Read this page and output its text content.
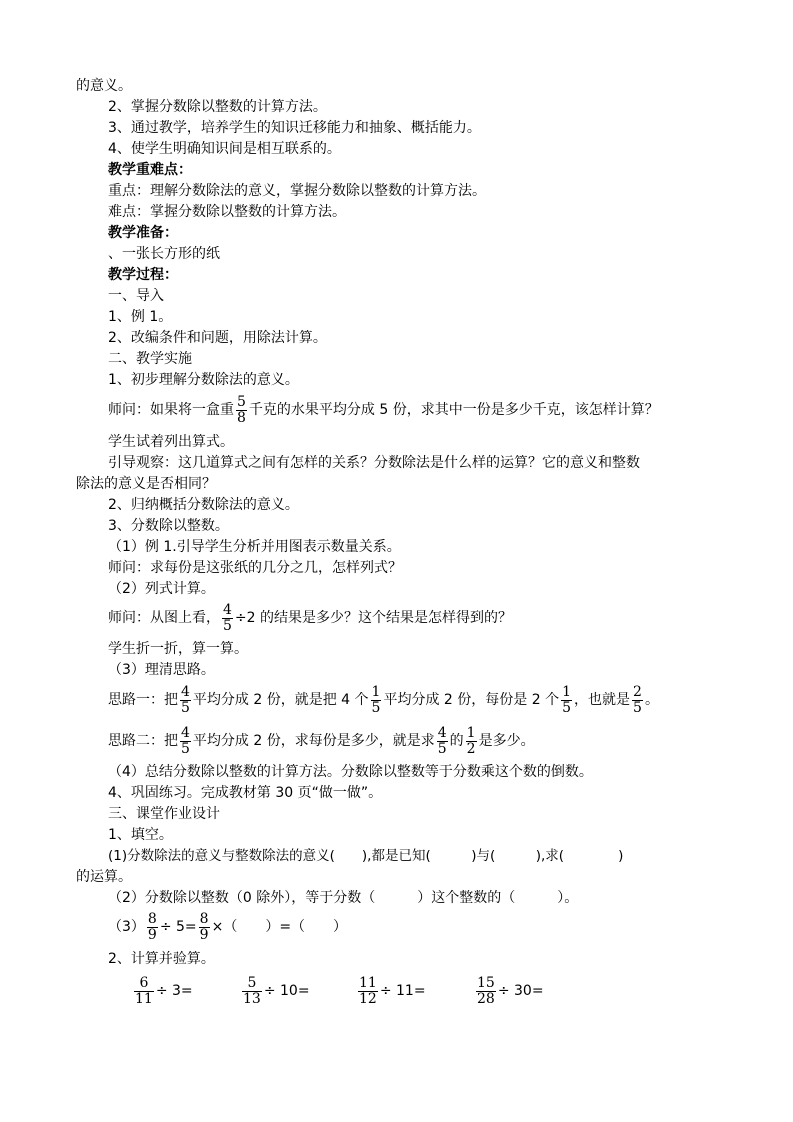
的意义。
2、掌握分数除以整数的计算方法。
3、通过教学，培养学生的知识迁移能力和抽象、概括能力。
4、使学生明确知识间是相互联系的。
教学重难点：
重点：理解分数除法的意义，掌握分数除以整数的计算方法。
难点：掌握分数除以整数的计算方法。
教学准备：
、一张长方形的纸
教学过程：
一、导入
1、例 1。
2、改编条件和问题，用除法计算。
二、教学实施
1、初步理解分数除法的意义。
师问：如果将一盒重 $\frac{5}{8}$ 千克的水果平均分成 5 份，求其中一份是多少千克，该怎样计算？
学生试着列出算式。
引导观察：这几道算式之间有怎样的关系？分数除法是什么样的运算？它的意义和整数
除法的意义是否相同？
2、归纳概括分数除法的意义。
3、分数除以整数。
（1）例 1.引导学生分析并用图表示数量关系。
师问：求每份是这张纸的几分之几，怎样列式？
（2）列式计算。
师问：从图上看， $\frac{4}{5} \div 2$ 的结果是多少？这个结果是怎样得到的？
学生折一折，算一算。
（3）理清思路。
思路一：把 $\frac{4}{5}$ 平均分成 2 份，就是把 4 个 $\frac{1}{5}$ 平均分成 2 份，每份是 2 个 $\frac{1}{5}$ ，也就是 $\frac{2}{5}$ 。
思路二：把 $\frac{4}{5}$ 平均分成 2 份，求每份是多少，就是求 $\frac{4}{5}$ 的 $\frac{1}{2}$ 是多少。
（4）总结分数除以整数的计算方法。分数除以整数等于分数乘这个数的倒数。
4、巩固练习。完成教材第 30 页“做一做”。
三、课堂作业设计
1、填空。
(1)分数除法的意义与整数除法的意义(　　),都是已知(　　　)与(　　　),求(　　　　)
的运算。
（2）分数除以整数（0 除外），等于分数（　　　）这个整数的（　　　）。
$(3) \frac{8}{9} \div 5= \frac{8}{9}$ ×（　　）=（　　）
2、计算并验算。
$\frac{6}{11} \div 3=$	$\frac{5}{13} \div 10=$	$\frac{11}{12} \div 11=$	$\frac{15}{28} \div 30=$
